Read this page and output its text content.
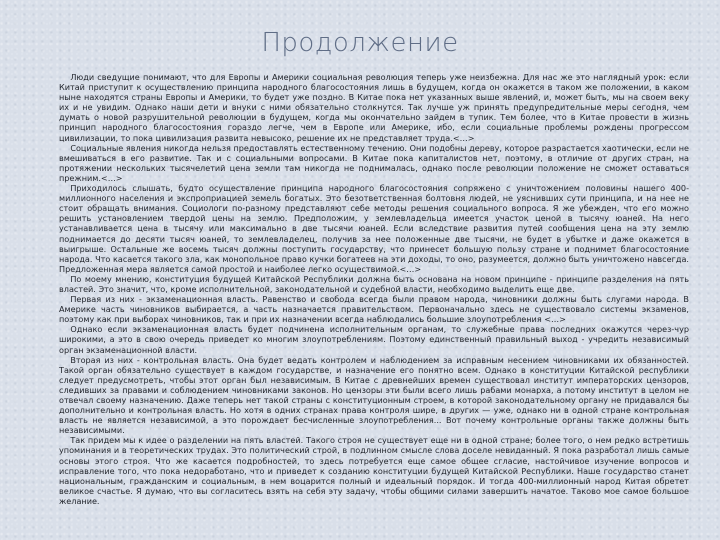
Продолжение

Люди сведущие понимают, что для Европы и Америки социальная революция теперь уже неизбежна. Для нас же это наглядный урок: если Китай приступит к осуществлению принципа народного благосостояния лишь в будущем, когда он окажется в таком же положении, в каком ныне находятся страны Европы и Америки, то будет уже поздно. В Китае пока нет указанных выше явлений, и, может быть, мы на своем веку их и не увидим. Однако наши дети и внуки с ними обязательно столкнутся. Так лучше уж принять предупредительные меры сегодня, чем думать о новой разрушительной революции в будущем, когда мы окончательно зайдем в тупик. Тем более, что в Китае провести в жизнь принцип народного благосостояния гораздо легче, чем в Европе или Америке, ибо, если социальные проблемы рождены прогрессом цивилизации, то пока цивилизация развита невысоко, решение их не представляет труда.<…>

Социальные явления никогда нельзя предоставлять естественному течению. Они подобны дереву, которое разрастается хаотически, если не вмешиваться в его развитие. Так и с социальными вопросами. В Китае пока капиталистов нет, поэтому, в отличие от других стран, на протяжении нескольких тысячелетий цена земли там никогда не поднималась, однако после революции положение не сможет оставаться прежним.<…>

Приходилось слышать, будто осуществление принципа народного благосостояния сопряжено с уничтожением половины нашего 400-миллионного населения и экспроприацией земель богатых. Это безответственная болтовня людей, не уяснивших сути принципа, и на нее не стоит обращать внимания. Социологи по-разному представляют себе методы решения социального вопроса. Я же убежден, что его можно решить установлением твердой цены на землю. Предположим, у землевладельца имеется участок ценой в тысячу юаней. На него устанавливается цена в тысячу или максимально в две тысячи юаней. Если вследствие развития путей сообщения цена на эту землю поднимается до десяти тысяч юаней, то землевладелец, получив за нее положенные две тысячи, не будет в убытке и даже окажется в выигрыше. Остальные же восемь тысяч должны поступить государству, что принесет большую пользу стране и поднимет благосостояние народа. Что касается такого зла, как монопольное право кучки богатеев на эти доходы, то оно, разумеется, должно быть уничтожено навсегда. Предложенная мера является самой простой и наиболее легко осуществимой.<…>

По моему мнению, конституция будущей Китайской Республики должна быть основана на новом принципе - принципе разделения на пять властей. Это значит, что, кроме исполнительной, законодательной и судебной власти, необходимо выделить еще две.

Первая из них - экзаменационная власть. Равенство и свобода всегда были правом народа, чиновники должны быть слугами народа. В Америке часть чиновников выбирается, а часть назначается правительством. Первоначально здесь не существовало системы экзаменов, поэтому как при выборах чиновников, так и при их назначении всегда наблюдались большие злоупотребления <…>

Однако если экзаменационная власть будет подчинена исполнительным органам, то служебные права последних окажутся через-чур широкими, а это в свою очередь приведет ко многим злоупотреблениям. Поэтому единственный правильный выход - учредить независимый орган экзаменационной власти.

Вторая из них - контрольная власть. Она будет ведать контролем и наблюдением за исправным несением чиновниками их обязанностей. Такой орган обязательно существует в каждом государстве, и назначение его понятно всем. Однако в конституции Китайской республики следует предусмотреть, чтобы этот орган был независимым. В Китае с древнейших времен существовал институт императорских цензоров, следивших за правами и соблюдением чиновниками законов. Но цензоры эти были всего лишь рабами монарха, а потому институт в целом не отвечал своему назначению. Даже теперь нет такой страны с конституционным строем, в которой законодательному органу не придавался бы дополнительно и контрольная власть. Но хотя в одних странах права контроля шире, в других — уже, однако ни в одной стране контрольная власть не является независимой, а это порождает бесчисленные злоупотребления... Вот почему контрольные органы также должны быть независимыми.

Так придем мы к идее о разделении на пять властей. Такого строя не существует еще ни в одной стране; более того, о нем редко встретишь упоминания и в теоретических трудах. Это политический строй, в подлинном смысле слова доселе невиданный. Я пока разработал лишь самые основы этого строя. Что же касается подробностей, то здесь потребуется еще самое общее сгласие, настойчивое изучение вопросов и исправление того, что пока недоработано, что и приведет к созданию конституции будущей Китайской Республики. Наше государство станет национальным, гражданским и социальным, в нем воцарится полный и идеальный порядок. И тогда 400-миллионный народ Китая обретет великое счастье. Я думаю, что вы согласитесь взять на себя эту задачу, чтобы общими силами завершить начатое. Таково мое самое большое желание.
